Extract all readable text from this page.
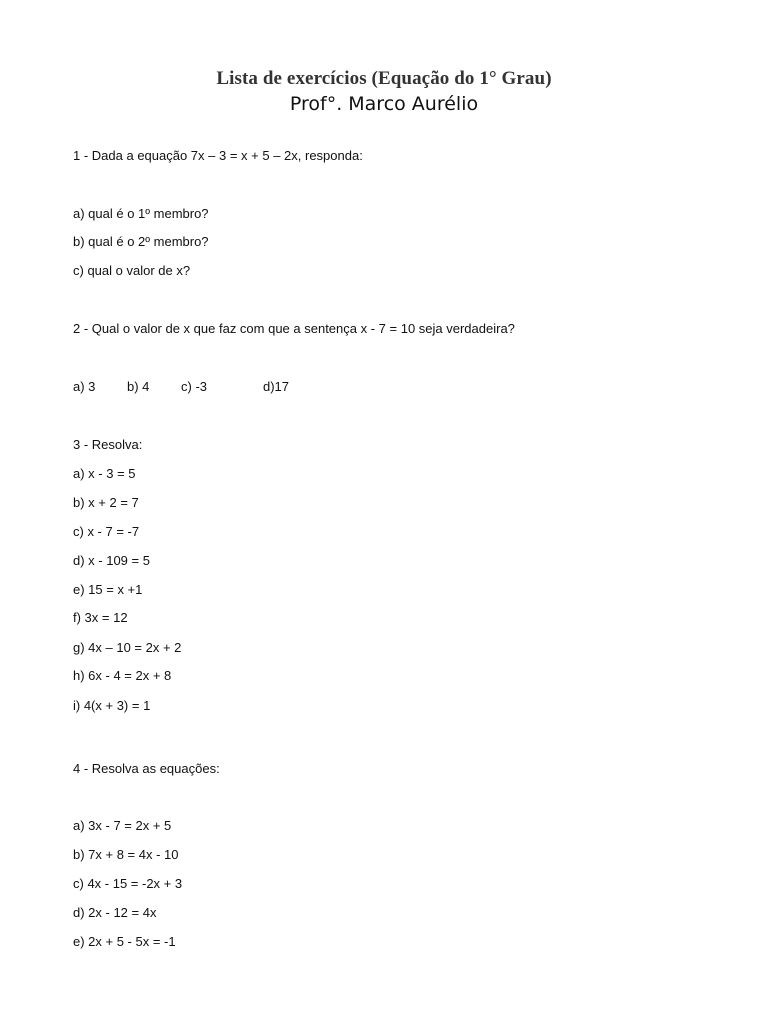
Lista de exercícios (Equação do 1° Grau)
Prof°. Marco Aurélio
1 - Dada a equação 7x – 3 = x + 5 – 2x, responda:
a) qual é o 1º membro?
b) qual é o 2º membro?
c) qual o valor de x?
2 - Qual o valor de x que faz com que a sentença x - 7 = 10 seja verdadeira?
a) 3 b) 4 c) -3	d)17
3 - Resolva:
a) x - 3 = 5
b) x + 2 = 7
c) x - 7 = -7
d) x - 109 = 5
e) 15 = x +1
f) 3x = 12
g) 4x – 10 = 2x + 2
h) 6x - 4 = 2x + 8
i) 4(x + 3) = 1
4 - Resolva as equações:
a) 3x - 7 = 2x + 5
b) 7x + 8 = 4x - 10
c) 4x - 15 = -2x + 3
d) 2x - 12 = 4x
e) 2x + 5 - 5x = -1
